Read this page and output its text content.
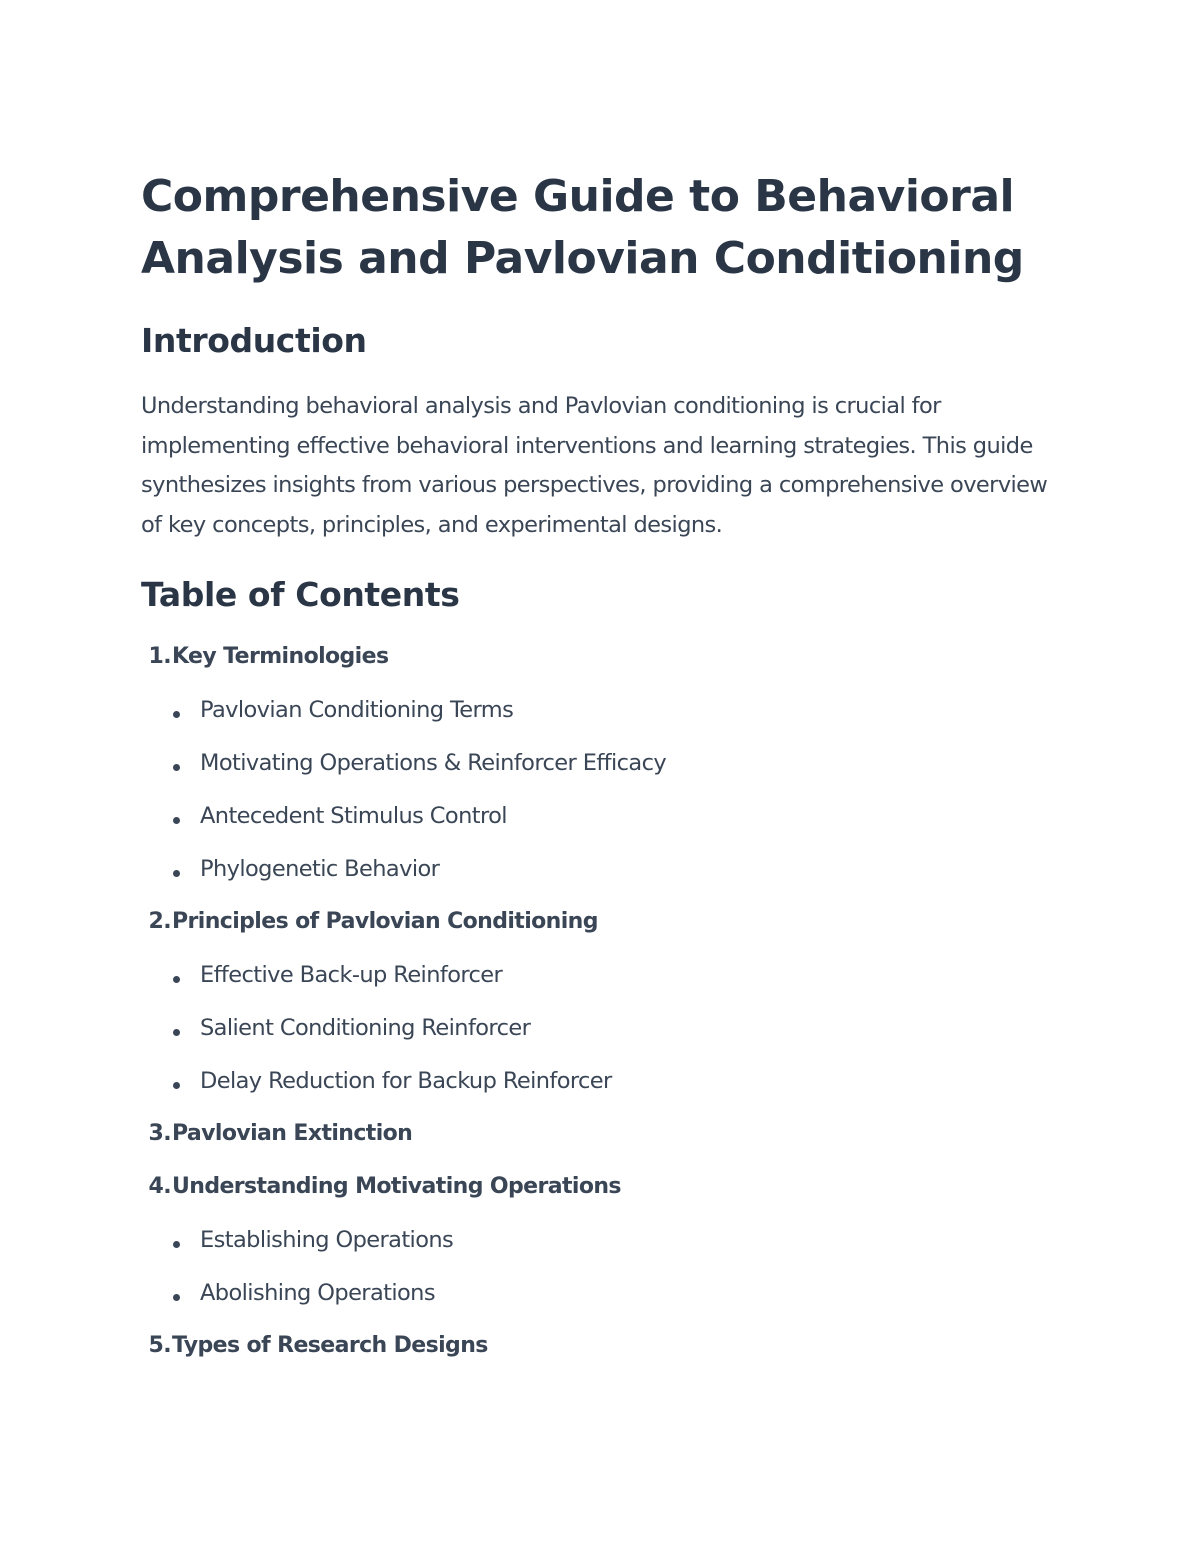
Comprehensive Guide to Behavioral Analysis and Pavlovian Conditioning
Introduction

Understanding behavioral analysis and Pavlovian conditioning is crucial for implementing effective behavioral interventions and learning strategies. This guide synthesizes insights from various perspectives, providing a comprehensive overview of key concepts, principles, and experimental designs.

Table of Contents
1. Key Terminologies
Pavlovian Conditioning Terms
Motivating Operations & Reinforcer Efficacy
Antecedent Stimulus Control
Phylogenetic Behavior
2. Principles of Pavlovian Conditioning
Effective Back-up Reinforcer
Salient Conditioning Reinforcer
Delay Reduction for Backup Reinforcer
3. Pavlovian Extinction
4. Understanding Motivating Operations
Establishing Operations
Abolishing Operations
5. Types of Research Designs
